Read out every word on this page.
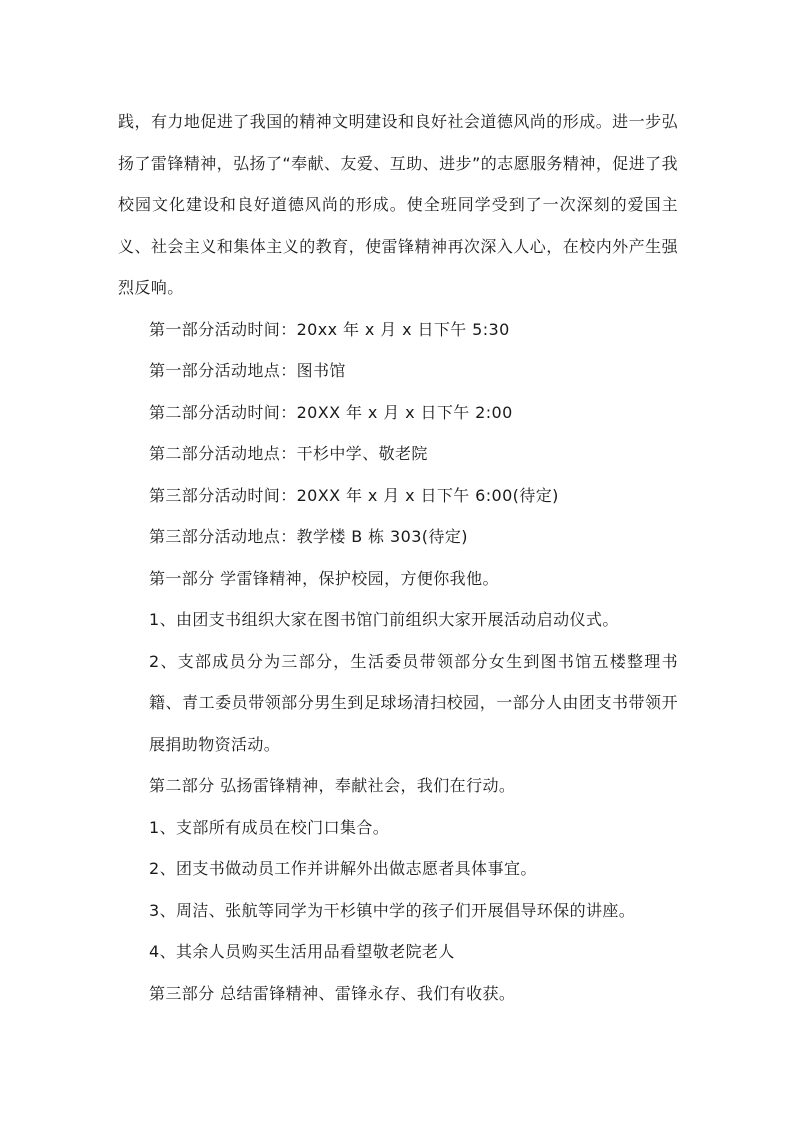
践，有力地促进了我国的精神文明建设和良好社会道德风尚的形成。进一步弘扬了雷锋精神，弘扬了“奉献、友爱、互助、进步”的志愿服务精神，促进了我校园文化建设和良好道德风尚的形成。使全班同学受到了一次深刻的爱国主义、社会主义和集体主义的教育，使雷锋精神再次深入人心，在校内外产生强烈反响。

第一部分活动时间：20xx 年 x 月 x 日下午 5:30

第一部分活动地点：图书馆

第二部分活动时间：20XX 年 x 月 x 日下午 2:00

第二部分活动地点：干杉中学、敬老院

第三部分活动时间：20XX 年 x 月 x 日下午 6:00(待定)

第三部分活动地点：教学楼 B 栋 303(待定)

第一部分 学雷锋精神，保护校园，方便你我他。

1、由团支书组织大家在图书馆门前组织大家开展活动启动仪式。

2、支部成员分为三部分，生活委员带领部分女生到图书馆五楼整理书籍、青工委员带领部分男生到足球场清扫校园，一部分人由团支书带领开展捐助物资活动。

第二部分 弘扬雷锋精神，奉献社会，我们在行动。

1、支部所有成员在校门口集合。

2、团支书做动员工作并讲解外出做志愿者具体事宜。

3、周洁、张航等同学为干杉镇中学的孩子们开展倡导环保的讲座。

4、其余人员购买生活用品看望敬老院老人

第三部分 总结雷锋精神、雷锋永存、我们有收获。
